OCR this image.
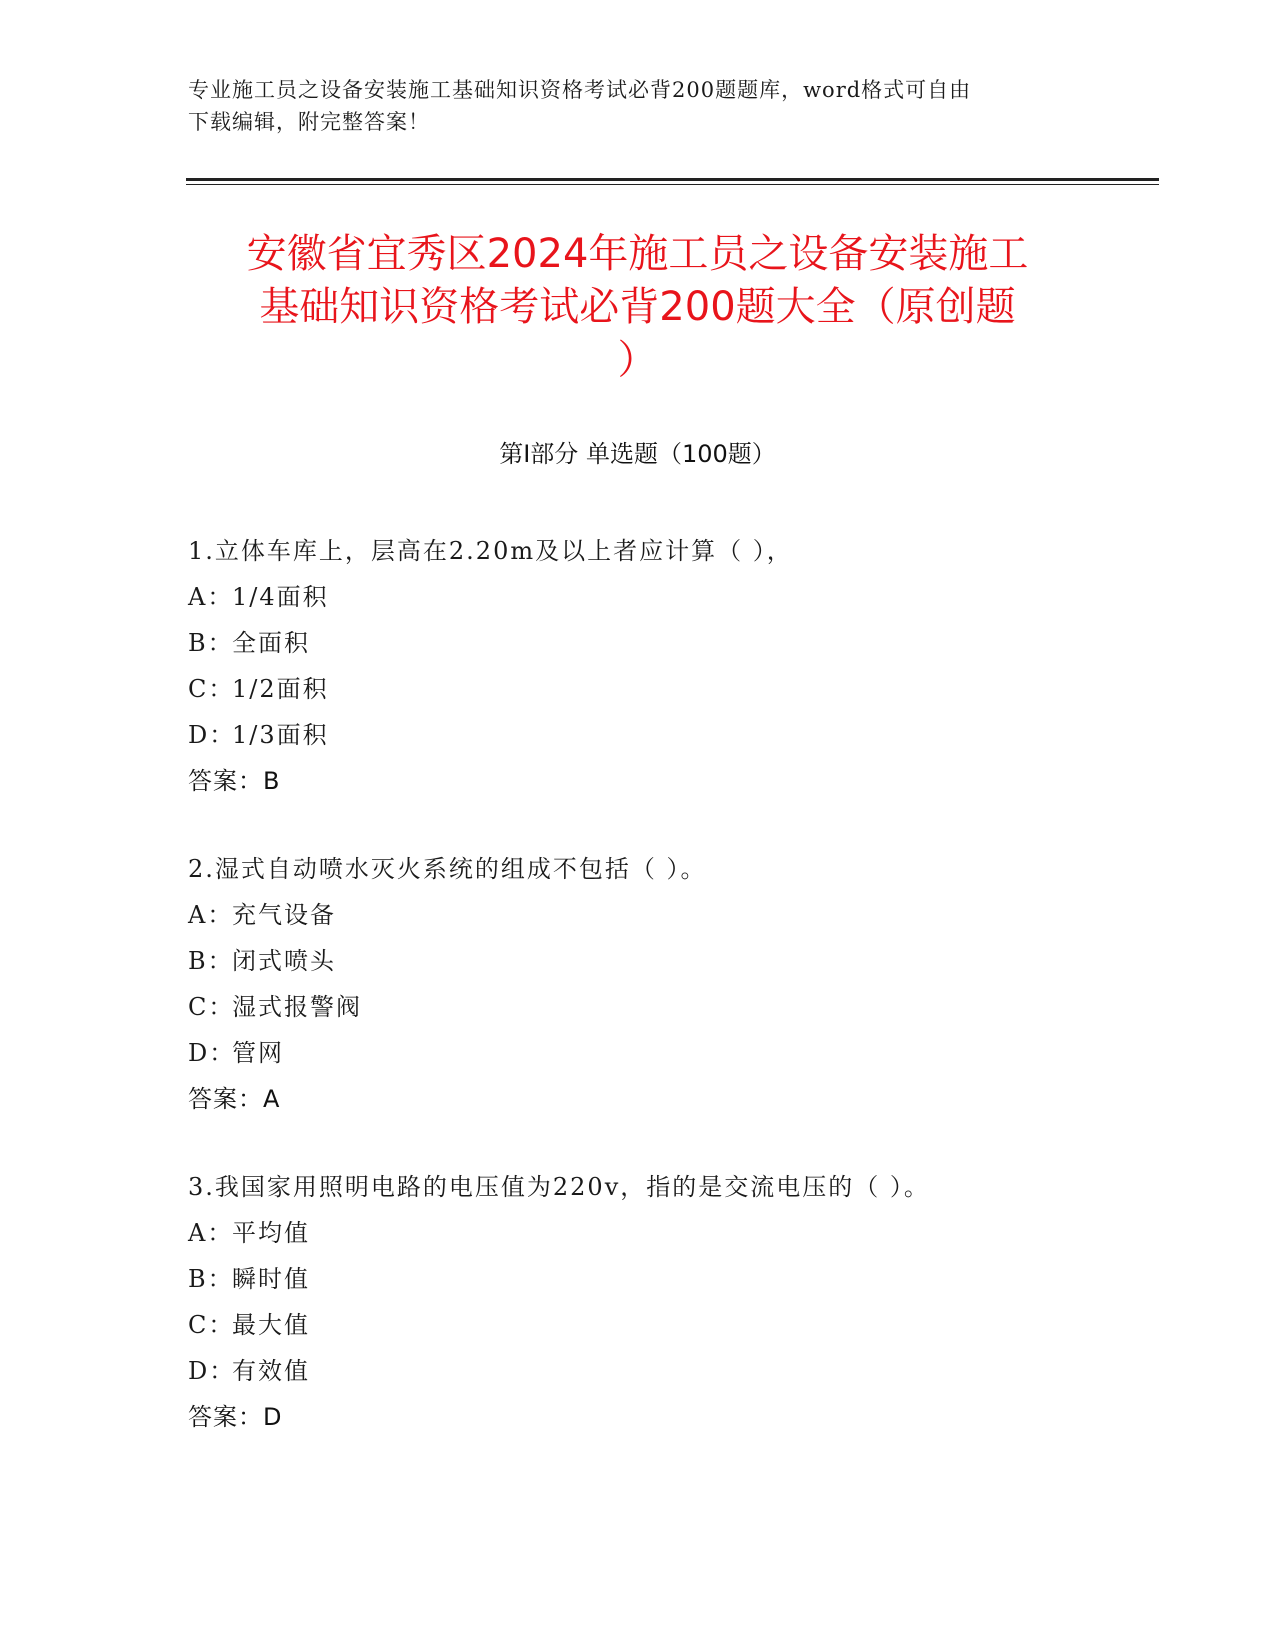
专业施工员之设备安装施工基础知识资格考试必背200题题库，word格式可自由
下载编辑，附完整答案！
安徽省宜秀区2024年施工员之设备安装施工
基础知识资格考试必背200题大全（原创题
）
第I部分 单选题（100题）
1.立体车库上，层高在2.20m及以上者应计算（ ），
A：
1/4面积
B：
全面积
C：
1/2面积
D：
1/3面积
答案：B
2.湿式自动喷水灭火系统的组成不包括（ ）。
A：
充气设备
B：
闭式喷头
C：
湿式报警阀
D：
管网
答案：A
3.我国家用照明电路的电压值为220v，指的是交流电压的（ ）。
A：
平均值
B：
瞬时值
C：
最大值
D：
有效值
答案：D
